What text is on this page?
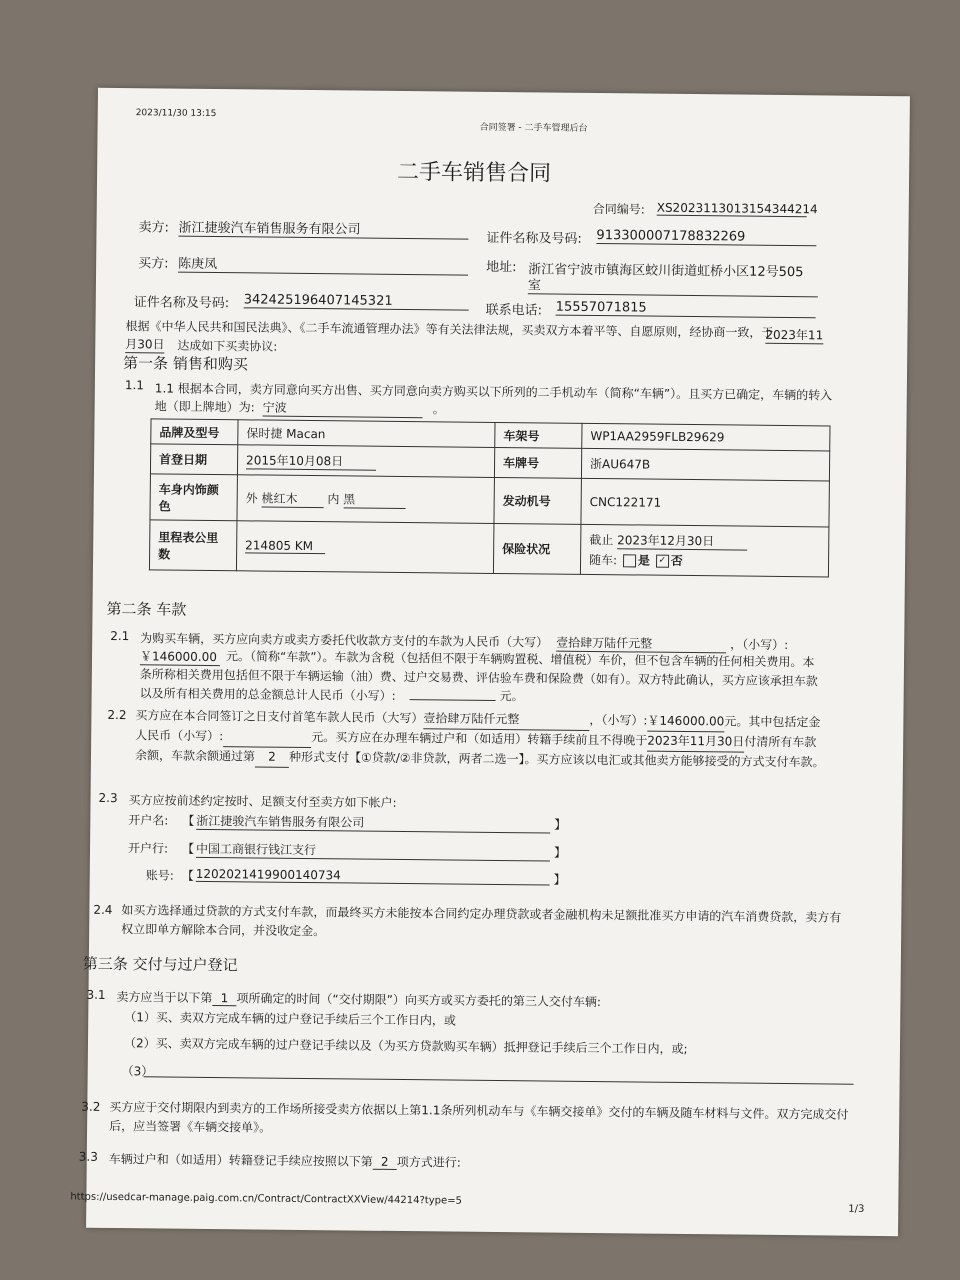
2023/11/30 13:15
合同签署 - 二手车管理后台
二手车销售合同
合同编号: XS2023113013154344214
卖方: 浙江捷骏汽车销售服务有限公司
证件名称及号码: 913300007178832269
买方: 陈庚凤	地址: 浙江省宁波市镇海区蛟川街道虹桥小区12号505
室
证件名称及号码: 342425196407145321
联系电话: 15557071815
根据《中华人民共和国民法典》、《二手车流通管理办法》等有关法律法规，买卖双方本着平等、自愿原则，经协商一致，于
2023年11
月30日 达成如下买卖协议:
第一条 销售和购买
1.1 1.1 根据本合同，卖方同意向买方出售、买方同意向卖方购买以下所列的二手机动车（简称“车辆”）。且买方已确定，车辆的转入
地（即上牌地）为: 宁波	。
品牌及型号	保时捷 Macan	车架号	WP1AA2959FLB29629
首登日期	2015年10月08日	车牌号	浙AU647B
车身内饰颜色	外 桃红木 内 黑	发动机号	CNC122171
里程表公里数	214805 KM	保险状况	截止 2023年12月30日
随车: 是 ✓ 否
第二条 车款
2.1 为购买车辆，买方应向卖方或卖方委托代收款方支付的车款为人民币（大写） 壹拾肆万陆仟元整	，（小写）:
￥146000.00 元。（简称“车款”）。车款为含税（包括但不限于车辆购置税、增值税）车价，但不包含车辆的任何相关费用。本条所称相关费用包括但不限于车辆运输（油）费、过户交易费、评估验车费和保险费（如有）。双方特此确认，买方应该承担车款以及所有相关费用的总金额总计人民币（小写）:	元。
2.2 买方应在本合同签订之日支付首笔车款人民币（大写）壹拾肆万陆仟元整	，（小写）:￥146000.00元。其中包括定金人民币（小写）:	元。买方应在办理车辆过户和（如适用）转籍手续前且不得晚于2023年11月30日付清所有车款余额，车款余额通过第 2 种形式支付【①贷款/②非贷款，两者二选一】。买方应该以电汇或其他卖方能够接受的方式支付车款。
2.3 买方应按前述约定按时、足额支付至卖方如下帐户:
开户名: 【 浙江捷骏汽车销售服务有限公司	】
开户行: 【 中国工商银行钱江支行	】
账号: 【 1202021419900140734	】
2.4 如买方选择通过贷款的方式支付车款，而最终买方未能按本合同约定办理贷款或者金融机构未足额批准买方申请的汽车消费贷款，卖方有权立即单方解除本合同，并没收定金。
第三条 交付与过户登记
3.1 卖方应当于以下第 1 项所确定的时间（“交付期限”）向买方或买方委托的第三人交付车辆:
（1）买、卖双方完成车辆的过户登记手续后三个工作日内，或
（2）买、卖双方完成车辆的过户登记手续以及（为买方贷款购买车辆）抵押登记手续后三个工作日内，或;
（3）
3.2 买方应于交付期限内到卖方的工作场所接受卖方依据以上第1.1条所列机动车与《车辆交接单》交付的车辆及随车材料与文件。双方完成交付后，应当签署《车辆交接单》。
3.3 车辆过户和（如适用）转籍登记手续应按照以下第 2 项方式进行:
https://usedcar-manage.paig.com.cn/Contract/ContractXXView/44214?type=5
1/3
